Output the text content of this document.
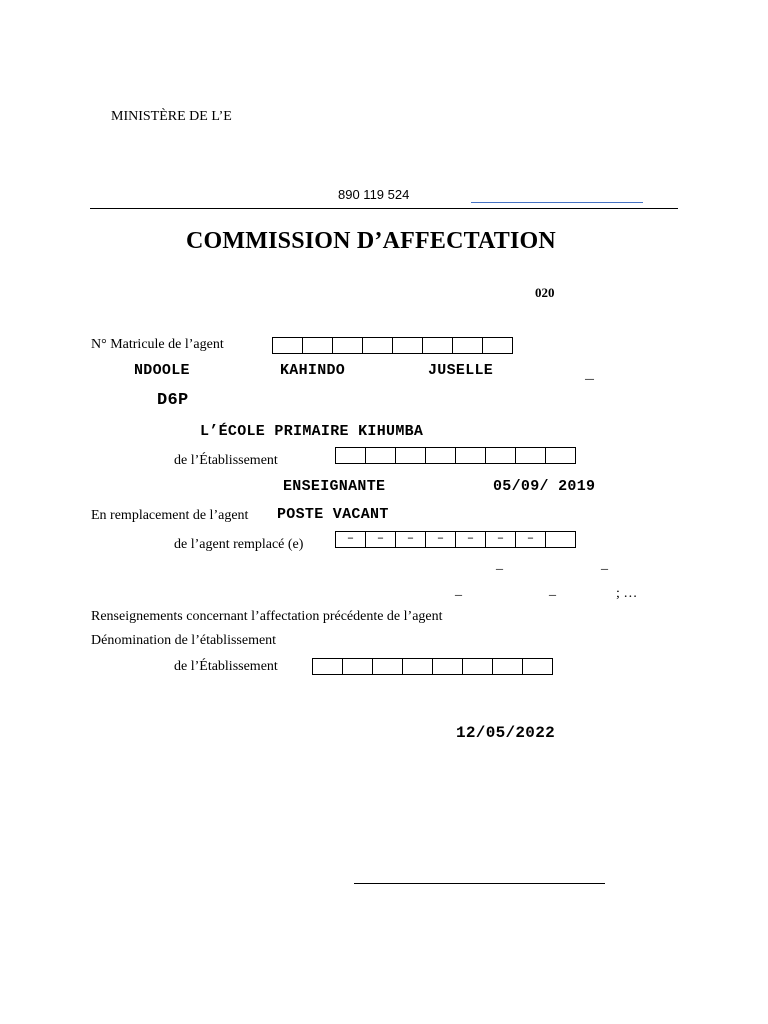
MINISTÈRE DE L’E
890 119 524
COMMISSION D’AFFECTATION
020
N° Matricule de l’agent
NDOOLE	KAHINDO	JUSELLE	_
D6P
L’ÉCOLE PRIMAIRE KIHUMBA
de l’Établissement
ENSEIGNANTE	05/09/ 2019
En remplacement de l’agent POSTE VACANT
de l’agent remplacé (e)	–	–	–	–	–	–	–
_	_
_	_	; …
Renseignements concernant l’affectation précédente de l’agent
Dénomination de l’établissement
de l’Établissement
12/05/2022
